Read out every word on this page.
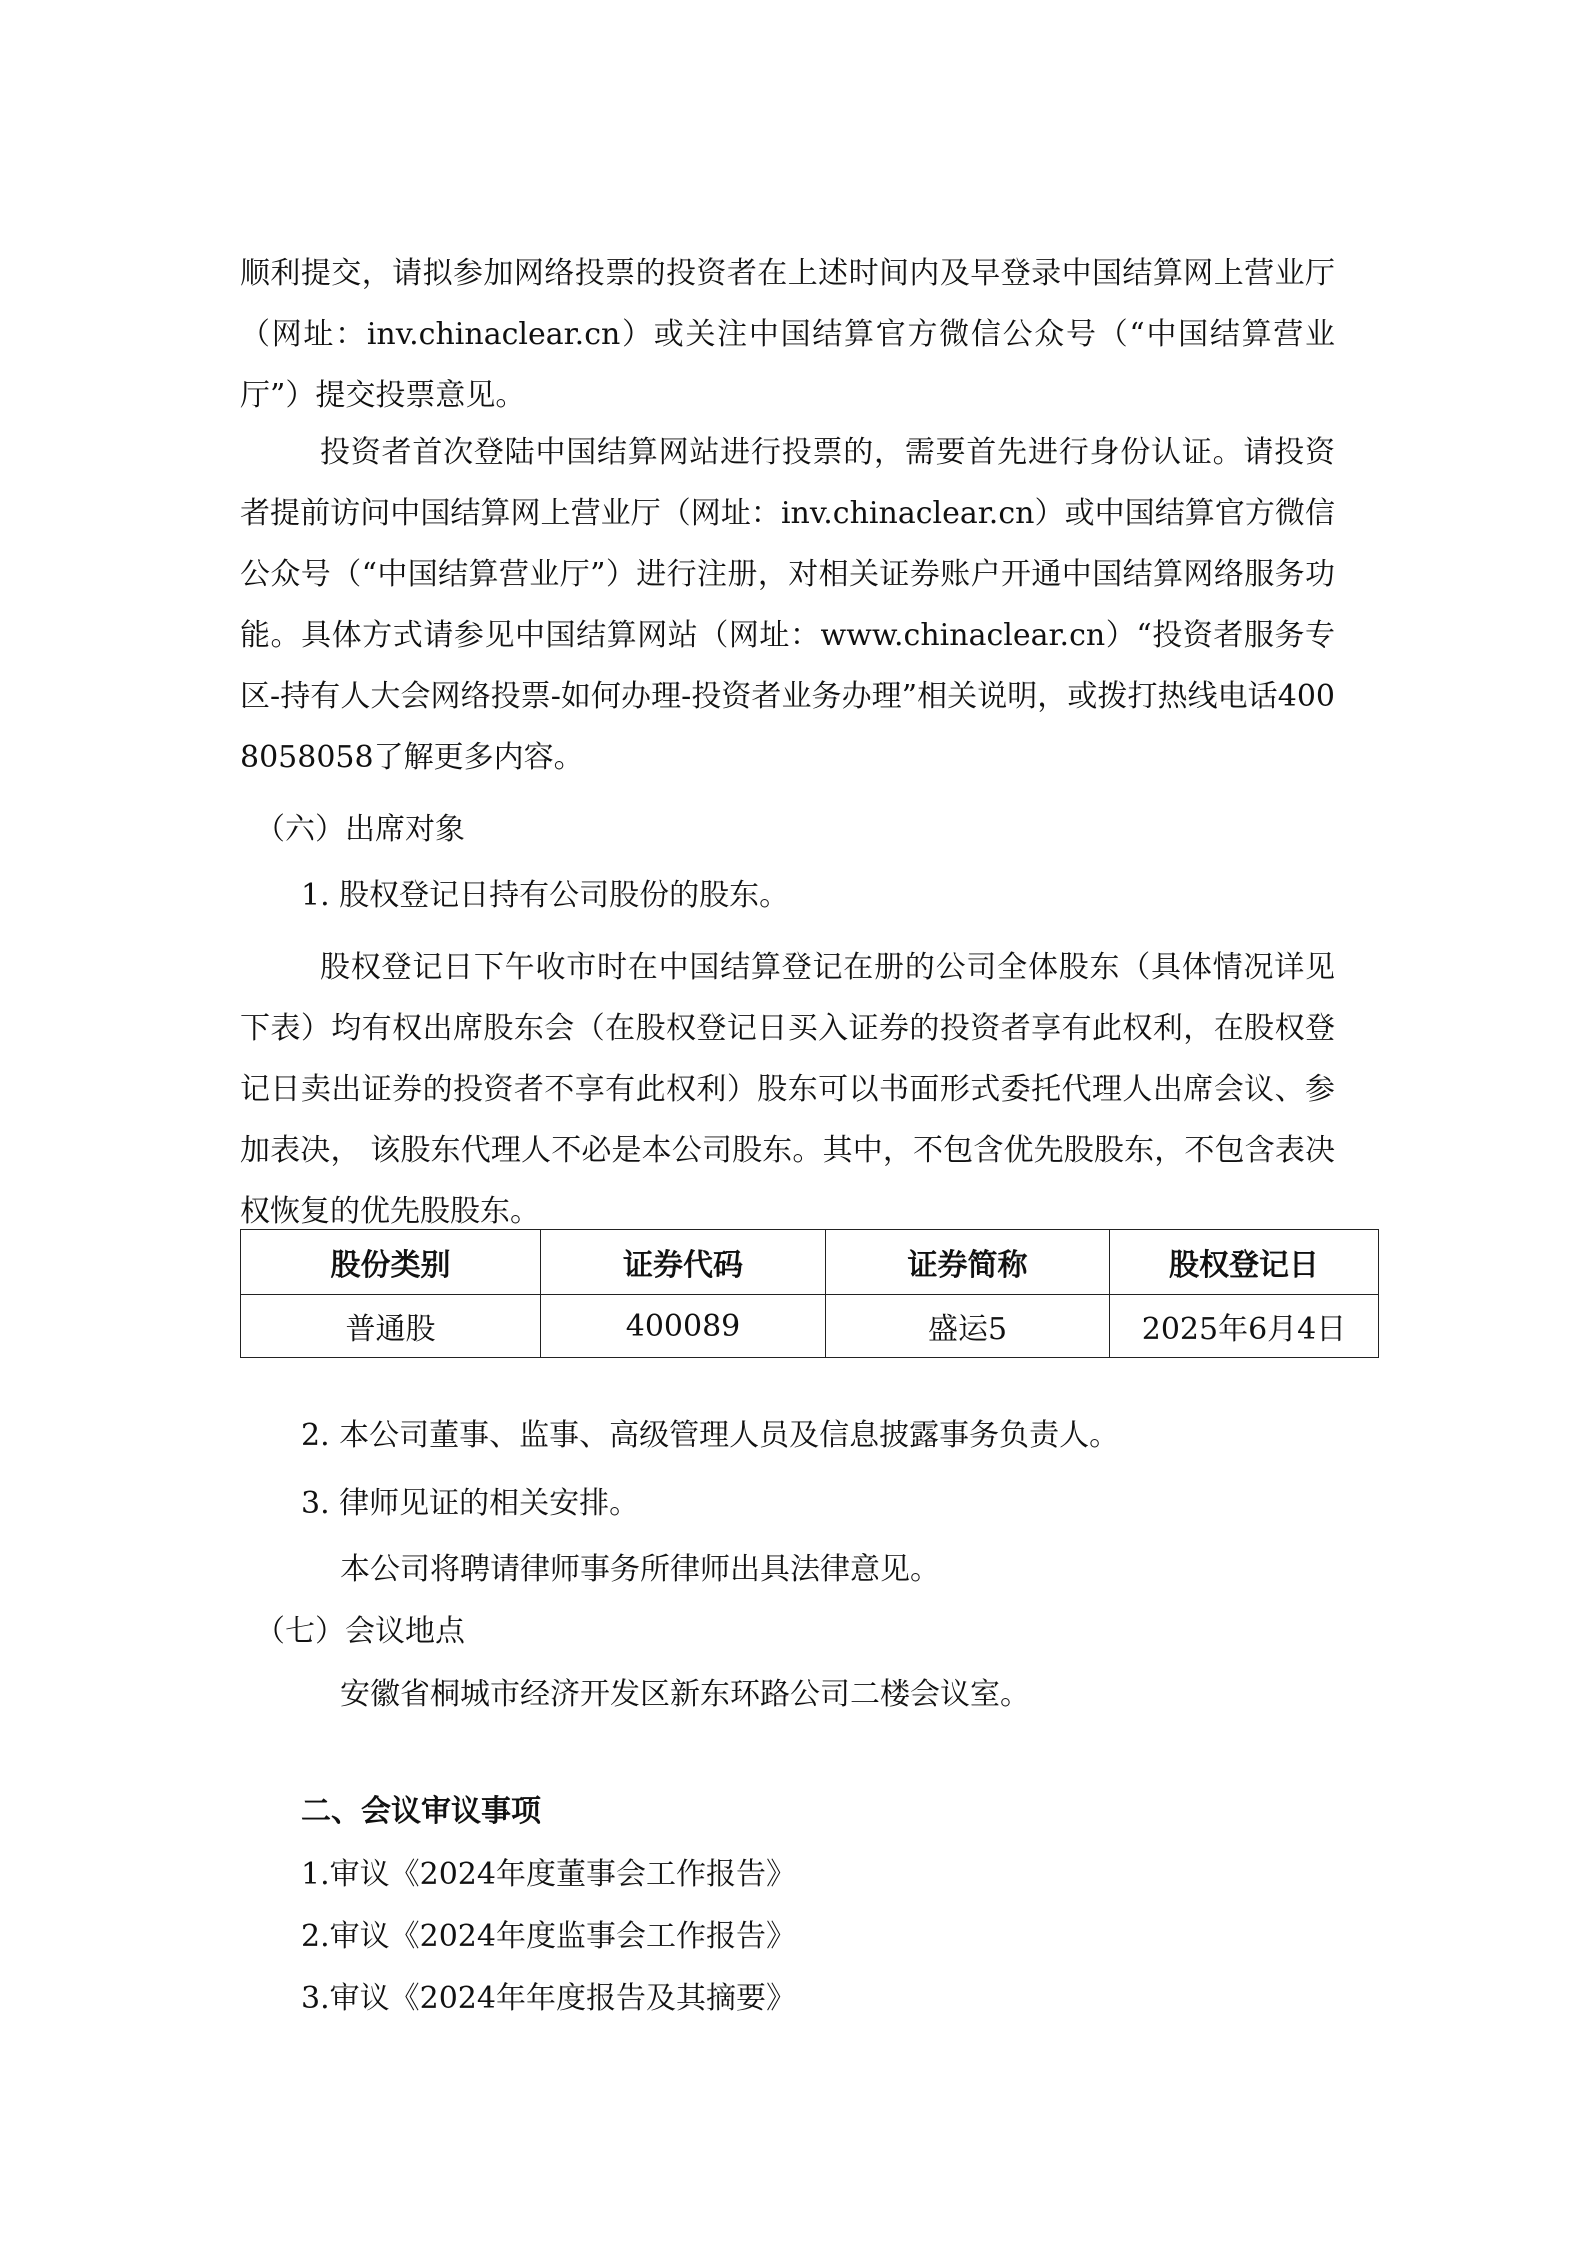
顺利提交，请拟参加网络投票的投资者在上述时间内及早登录中国结算网上营业厅（网址：inv.chinaclear.cn）或关注中国结算官方微信公众号（“中国结算营业厅”）提交投票意见。

投资者首次登陆中国结算网站进行投票的，需要首先进行身份认证。请投资者提前访问中国结算网上营业厅（网址：inv.chinaclear.cn）或中国结算官方微信公众号（“中国结算营业厅”）进行注册，对相关证券账户开通中国结算网络服务功能。具体方式请参见中国结算网站（网址：www.chinaclear.cn）“投资者服务专区-持有人大会网络投票-如何办理-投资者业务办理”相关说明，或拨打热线电话4008058058了解更多内容。

（六）出席对象

1. 股权登记日持有公司股份的股东。

股权登记日下午收市时在中国结算登记在册的公司全体股东（具体情况详见下表）均有权出席股东会（在股权登记日买入证券的投资者享有此权利，在股权登记日卖出证券的投资者不享有此权利）股东可以书面形式委托代理人出席会议、参加表决， 该股东代理人不必是本公司股东。其中，不包含优先股股东，不包含表决权恢复的优先股股东。

股份类别	证券代码	证券简称	股权登记日
普通股	400089	盛运5	2025年6月4日

2. 本公司董事、监事、高级管理人员及信息披露事务负责人。

3. 律师见证的相关安排。

本公司将聘请律师事务所律师出具法律意见。

（七）会议地点

安徽省桐城市经济开发区新东环路公司二楼会议室。

二、会议审议事项

1.审议《2024年度董事会工作报告》

2.审议《2024年度监事会工作报告》

3.审议《2024年年度报告及其摘要》
